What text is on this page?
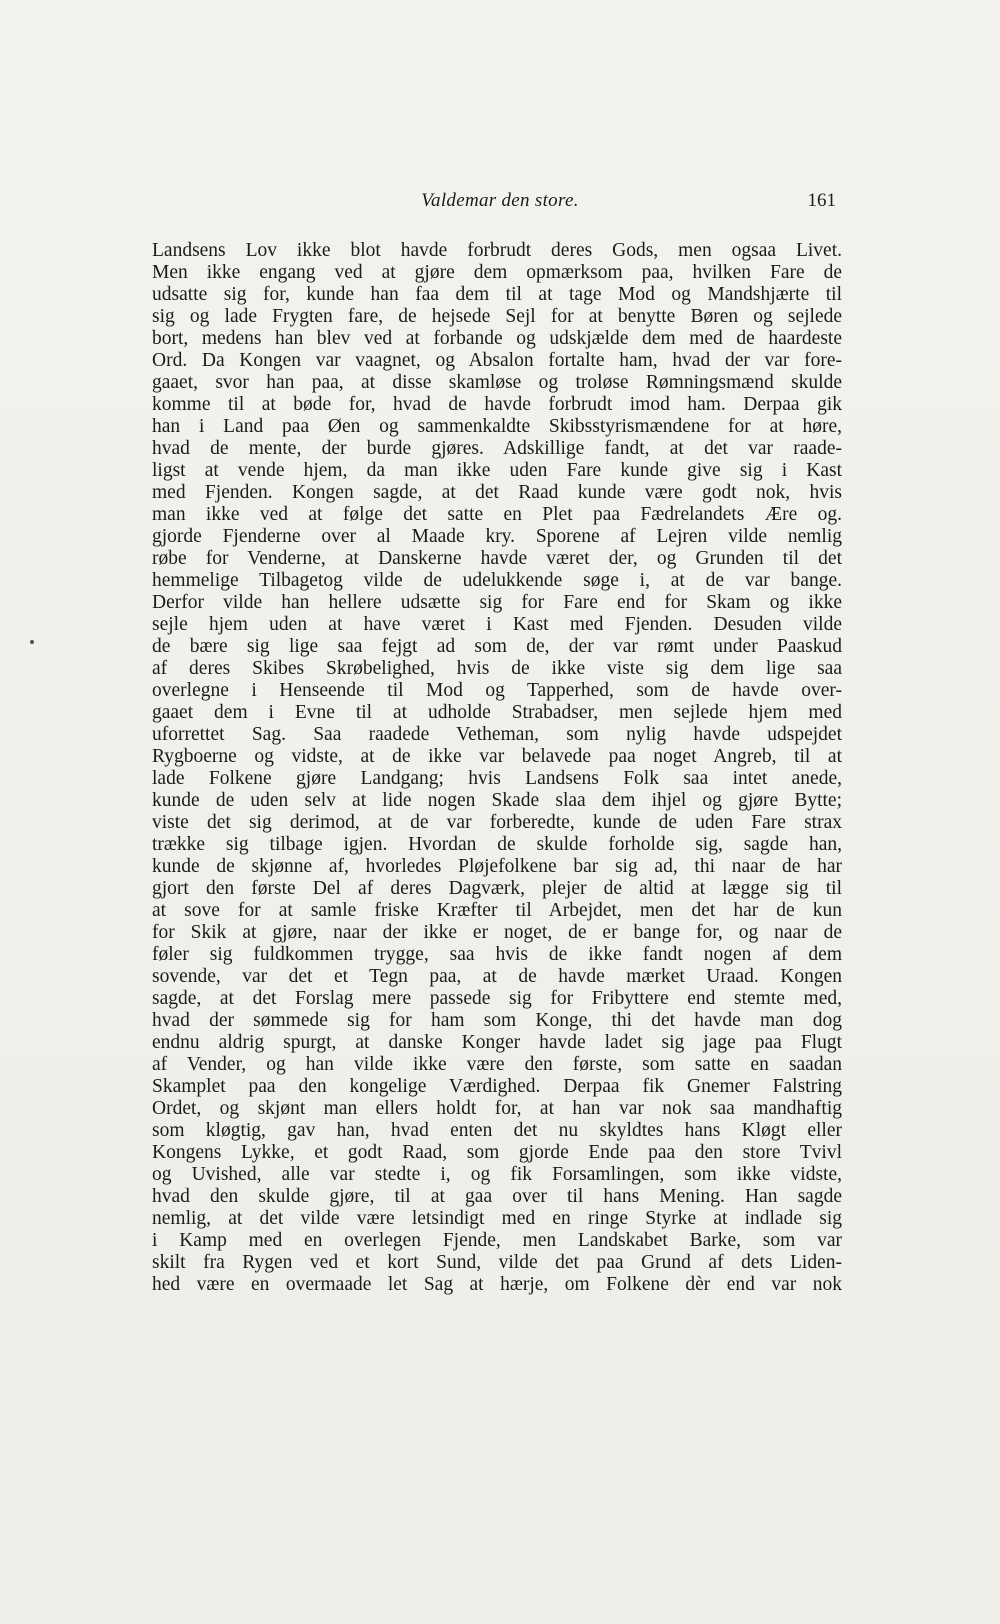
Valdemar den store.	161
Landsens Lov ikke blot havde forbrudt deres Gods, men ogsaa Livet.
Men ikke engang ved at gjøre dem opmærksom paa, hvilken Fare de
udsatte sig for, kunde han faa dem til at tage Mod og Mandshjærte til
sig og lade Frygten fare, de hejsede Sejl for at benytte Børen og sejlede
bort, medens han blev ved at forbande og udskjælde dem med de haardeste
Ord. Da Kongen var vaagnet, og Absalon fortalte ham, hvad der var fore-
gaaet, svor han paa, at disse skamløse og troløse Rømningsmænd skulde
komme til at bøde for, hvad de havde forbrudt imod ham. Derpaa gik
han i Land paa Øen og sammenkaldte Skibsstyrismændene for at høre,
hvad de mente, der burde gjøres. Adskillige fandt, at det var raade-
ligst at vende hjem, da man ikke uden Fare kunde give sig i Kast
med Fjenden. Kongen sagde, at det Raad kunde være godt nok, hvis
man ikke ved at følge det satte en Plet paa Fædrelandets Ære og.
gjorde Fjenderne over al Maade kry. Sporene af Lejren vilde nemlig
røbe for Venderne, at Danskerne havde været der, og Grunden til det
hemmelige Tilbagetog vilde de udelukkende søge i, at de var bange.
Derfor vilde han hellere udsætte sig for Fare end for Skam og ikke
sejle hjem uden at have været i Kast med Fjenden. Desuden vilde
de bære sig lige saa fejgt ad som de, der var rømt under Paaskud
af deres Skibes Skrøbelighed, hvis de ikke viste sig dem lige saa
overlegne i Henseende til Mod og Tapperhed, som de havde over-
gaaet dem i Evne til at udholde Strabadser, men sejlede hjem med
uforrettet Sag. Saa raadede Vetheman, som nylig havde udspejdet
Rygboerne og vidste, at de ikke var belavede paa noget Angreb, til at
lade Folkene gjøre Landgang; hvis Landsens Folk saa intet anede,
kunde de uden selv at lide nogen Skade slaa dem ihjel og gjøre Bytte;
viste det sig derimod, at de var forberedte, kunde de uden Fare strax
trække sig tilbage igjen. Hvordan de skulde forholde sig, sagde han,
kunde de skjønne af, hvorledes Pløjefolkene bar sig ad, thi naar de har
gjort den første Del af deres Dagværk, plejer de altid at lægge sig til
at sove for at samle friske Kræfter til Arbejdet, men det har de kun
for Skik at gjøre, naar der ikke er noget, de er bange for, og naar de
føler sig fuldkommen trygge, saa hvis de ikke fandt nogen af dem
sovende, var det et Tegn paa, at de havde mærket Uraad. Kongen
sagde, at det Forslag mere passede sig for Fribyttere end stemte med,
hvad der sømmede sig for ham som Konge, thi det havde man dog
endnu aldrig spurgt, at danske Konger havde ladet sig jage paa Flugt
af Vender, og han vilde ikke være den første, som satte en saadan
Skamplet paa den kongelige Værdighed. Derpaa fik Gnemer Falstring
Ordet, og skjønt man ellers holdt for, at han var nok saa mandhaftig
som kløgtig, gav han, hvad enten det nu skyldtes hans Kløgt eller
Kongens Lykke, et godt Raad, som gjorde Ende paa den store Tvivl
og Uvished, alle var stedte i, og fik Forsamlingen, som ikke vidste,
hvad den skulde gjøre, til at gaa over til hans Mening. Han sagde
nemlig, at det vilde være letsindigt med en ringe Styrke at indlade sig
i Kamp med en overlegen Fjende, men Landskabet Barke, som var
skilt fra Rygen ved et kort Sund, vilde det paa Grund af dets Liden-
hed være en overmaade let Sag at hærje, om Folkene dèr end var nok
